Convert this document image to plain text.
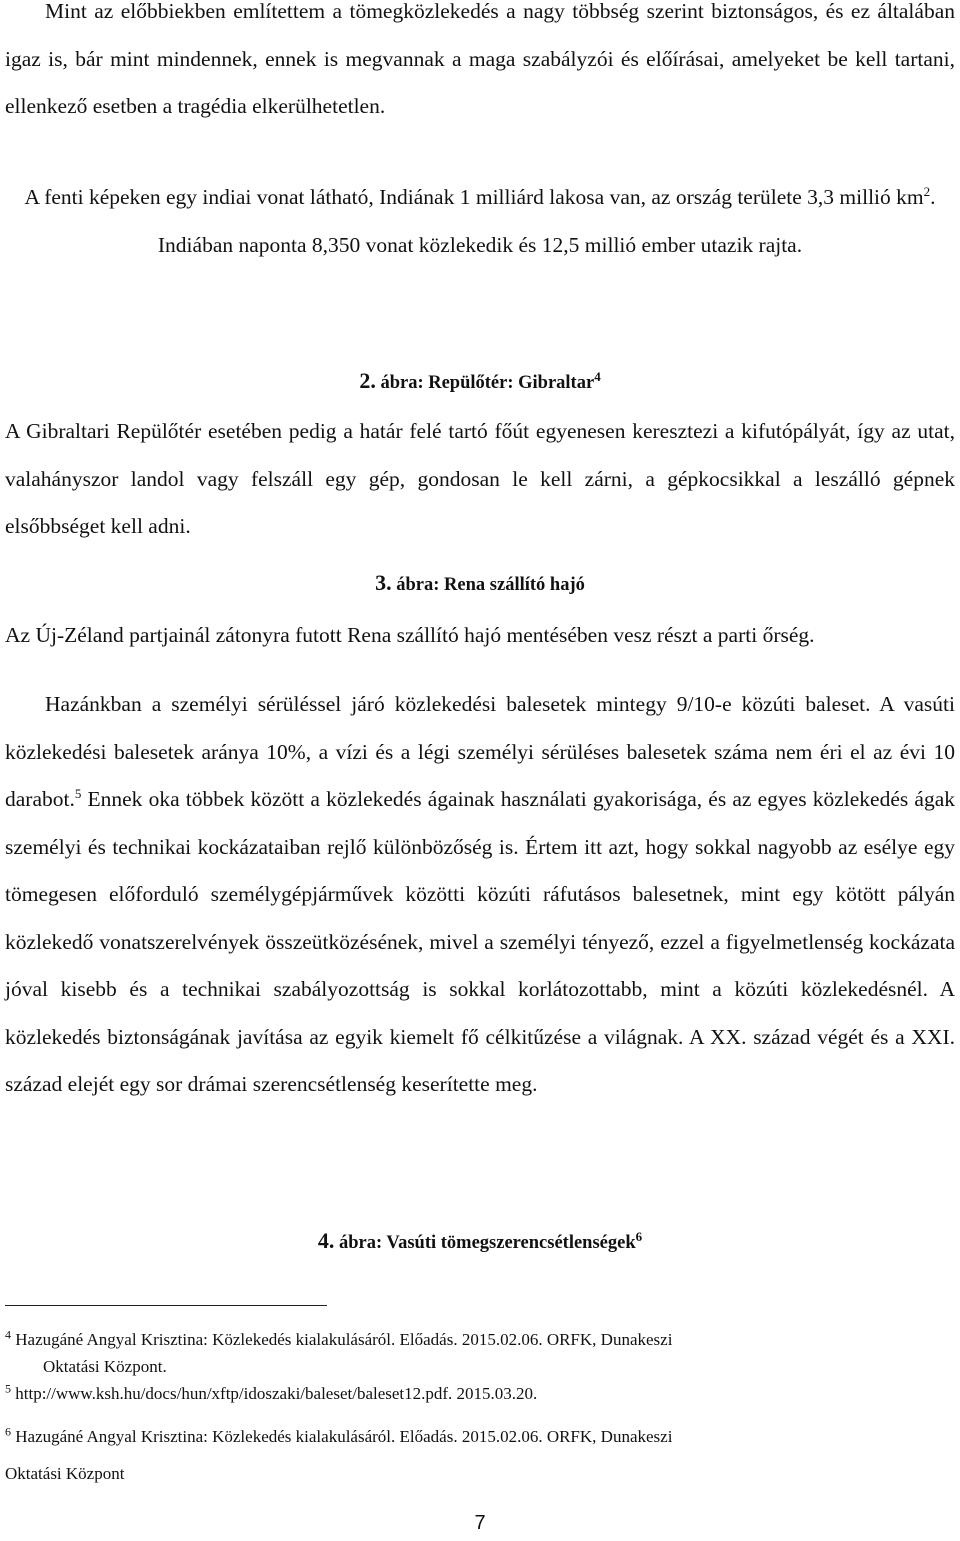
Mint az előbbiekben említettem a tömegközlekedés a nagy többség szerint biztonságos, és ez általában igaz is, bár mint mindennek, ennek is megvannak a maga szabályzói és előírásai, amelyeket be kell tartani, ellenkező esetben a tragédia elkerülhetetlen.

A fenti képeken egy indiai vonat látható, Indiának 1 milliárd lakosa van, az ország területe 3,3 millió $km^2$. Indiában naponta 8,350 vonat közlekedik és 12,5 millió ember utazik rajta.

2. ábra: Repülőtér: Gibraltar$^4$

A Gibraltari Repülőtér esetében pedig a határ felé tartó főút egyenesen keresztezi a kifutópályát, így az utat, valahányszor landol vagy felszáll egy gép, gondosan le kell zárni, a gépkocsikkal a leszálló gépnek elsőbbséget kell adni.

3. ábra: Rena szállító hajó

Az Új-Zéland partjainál zátonyra futott Rena szállító hajó mentésében vesz részt a parti őrség.

Hazánkban a személyi sérüléssel járó közlekedési balesetek mintegy 9/10-e közúti baleset. A vasúti közlekedési balesetek aránya 10%, a vízi és a légi személyi sérüléses balesetek száma nem éri el az évi 10 darabot.$^5$ Ennek oka többek között a közlekedés ágainak használati gyakorisága, és az egyes közlekedés ágak személyi és technikai kockázataiban rejlő különbözőség is. Értem itt azt, hogy sokkal nagyobb az esélye egy tömegesen előforduló személygépjárművek közötti közúti ráfutásos balesetnek, mint egy kötött pályán közlekedő vonatszerelvények összeütközésének, mivel a személyi tényező, ezzel a figyelmetlenség kockázata jóval kisebb és a technikai szabályozottság is sokkal korlátozottabb, mint a közúti közlekedésnél. A közlekedés biztonságának javítása az egyik kiemelt fő célkitűzése a világnak. A XX. század végét és a XXI. század elejét egy sor drámai szerencsétlenség keserítette meg.

4. ábra: Vasúti tömegszerencsétlenségek$^6$

$^4$ Hazugáné Angyal Krisztina: Közlekedés kialakulásáról. Előadás. 2015.02.06. ORFK, Dunakeszi
Oktatási Központ.

$^5$ http://www.ksh.hu/docs/hun/xftp/idoszaki/baleset/baleset12.pdf. 2015.03.20.

$^6$ Hazugáné Angyal Krisztina: Közlekedés kialakulásáról. Előadás. 2015.02.06. ORFK, Dunakeszi
Oktatási Központ

7
